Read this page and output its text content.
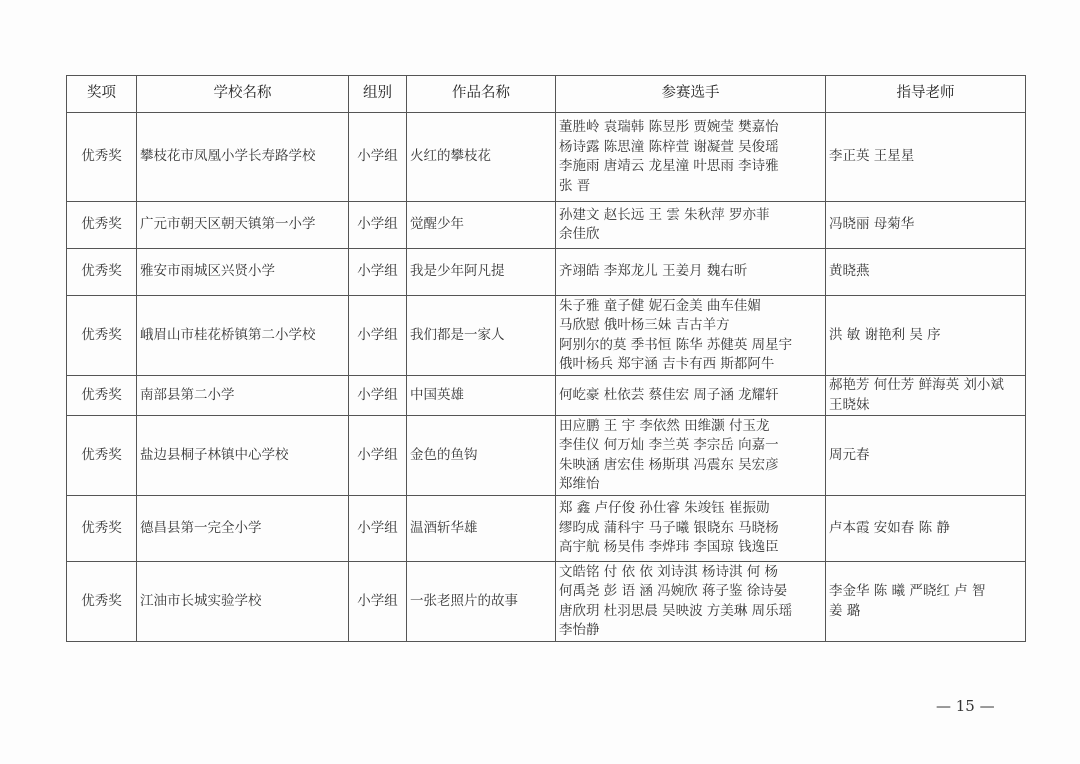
奖项	学校名称	组别	作品名称	参赛选手	指导老师
优秀奖	攀枝花市凤凰小学长寿路学校	小学组	火红的攀枝花	董胜岭 袁瑞韩 陈昱彤 贾婉莹 樊嘉怡
杨诗露 陈思潼 陈梓萱 谢凝萱 吴俊瑶
李施雨 唐靖云 龙星潼 叶思雨 李诗雅
张 晋	李正英 王星星

优秀奖	广元市朝天区朝天镇第一小学	小学组	觉醒少年	孙建文 赵长远 王 雲 朱秋萍 罗亦菲
余佳欣	冯晓丽 母菊华

优秀奖	雅安市雨城区兴贤小学	小学组	我是少年阿凡提	齐翊皓 李郑龙儿 王姜月 魏右昕	黄晓燕

优秀奖	峨眉山市桂花桥镇第二小学校	小学组	我们都是一家人	朱子雅 童子健 妮石金美 曲车佳媚
马欣慰 俄叶杨三妹 吉古羊方
阿别尔的莫 季书恒 陈华 苏健英 周星宇
俄叶杨兵 郑宇涵 吉卡有西 斯都阿牛	洪 敏 谢艳利 吴 序

优秀奖	南部县第二小学	小学组	中国英雄	何屹豪 杜依芸 蔡佳宏 周子涵 龙耀轩	郝艳芳 何仕芳 鲜海英 刘小斌
王晓妹

优秀奖	盐边县桐子林镇中心学校	小学组	金色的鱼钩	田应鹏 王 宇 李依然 田维灏 付玉龙
李佳仪 何万灿 李兰英 李宗岳 向嘉一
朱映涵 唐宏佳 杨斯琪 冯震东 吴宏彦
郑维怡	周元春

优秀奖	德昌县第一完全小学	小学组	温酒斩华雄	郑 鑫 卢仔俊 孙仕睿 朱竣钰 崔振勋
缪昀成 蒲科宇 马子曦 银晓东 马晓杨
高宇航 杨昊伟 李烨玮 李国琼 钱逸臣	卢本霞 安如春 陈 静

优秀奖	江油市长城实验学校	小学组	一张老照片的故事	文皓铭 付 依 依 刘诗淇 杨诗淇 何 杨
何禹尧 彭 语 涵 冯婉欣 蒋子鉴 徐诗晏
唐欣玥 杜羽思晨 吴映波 方美琳 周乐瑶
李怡静	李金华 陈 曦 严晓红 卢 智
姜 璐
— 15 —
